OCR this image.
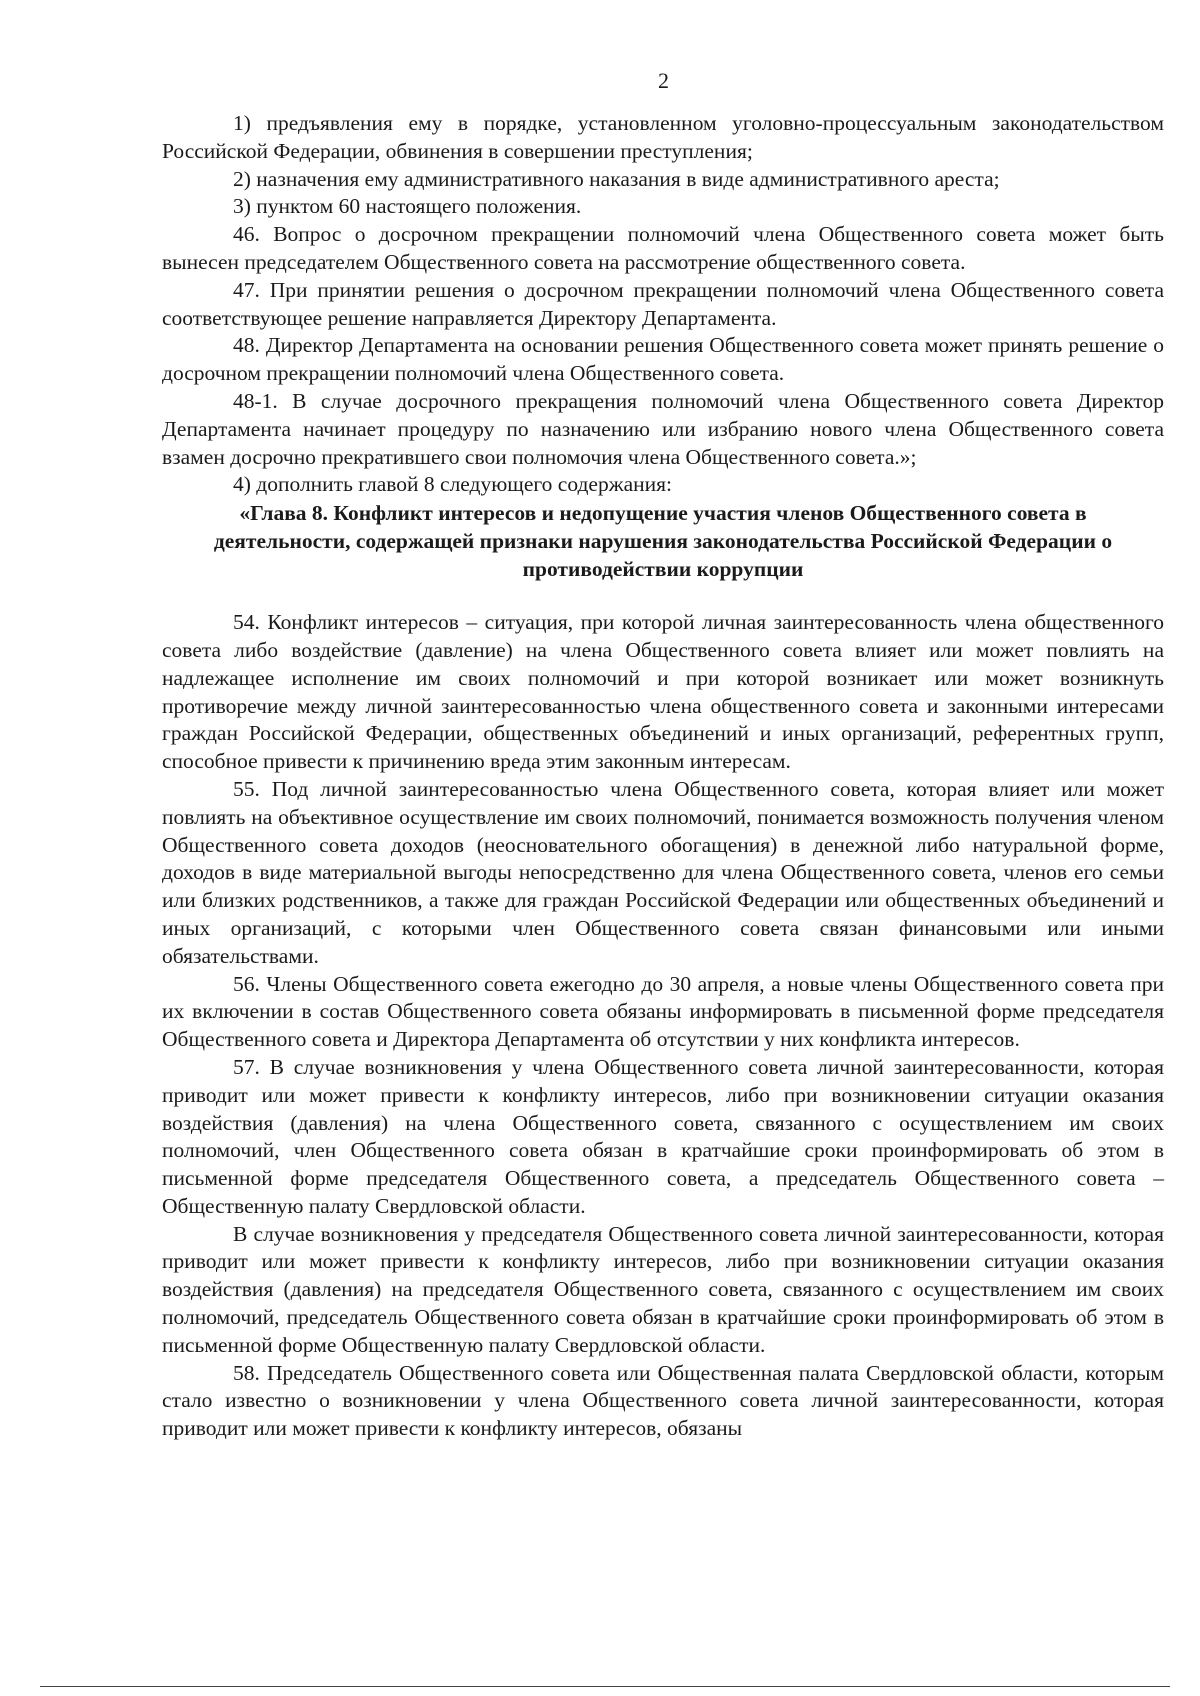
2

1) предъявления ему в порядке, установленном уголовно-процессуальным законодательством Российской Федерации, обвинения в совершении преступления;

2) назначения ему административного наказания в виде административного ареста;

3) пунктом 60 настоящего положения.

46. Вопрос о досрочном прекращении полномочий члена Общественного совета может быть вынесен председателем Общественного совета на рассмотрение общественного совета.

47. При принятии решения о досрочном прекращении полномочий члена Общественного совета соответствующее решение направляется Директору Департамента.

48. Директор Департамента на основании решения Общественного совета может принять решение о досрочном прекращении полномочий члена Общественного совета.

48-1. В случае досрочного прекращения полномочий члена Общественного совета Директор Департамента начинает процедуру по назначению или избранию нового члена Общественного совета взамен досрочно прекратившего свои полномочия члена Общественного совета.»;

4) дополнить главой 8 следующего содержания:

«Глава 8. Конфликт интересов и недопущение участия членов Общественного совета в деятельности, содержащей признаки нарушения законодательства Российской Федерации о противодействии коррупции

54. Конфликт интересов – ситуация, при которой личная заинтересованность члена общественного совета либо воздействие (давление) на члена Общественного совета влияет или может повлиять на надлежащее исполнение им своих полномочий и при которой возникает или может возникнуть противоречие между личной заинтересованностью члена общественного совета и законными интересами граждан Российской Федерации, общественных объединений и иных организаций, референтных групп, способное привести к причинению вреда этим законным интересам.

55. Под личной заинтересованностью члена Общественного совета, которая влияет или может повлиять на объективное осуществление им своих полномочий, понимается возможность получения членом Общественного совета доходов (неосновательного обогащения) в денежной либо натуральной форме, доходов в виде материальной выгоды непосредственно для члена Общественного совета, членов его семьи или близких родственников, а также для граждан Российской Федерации или общественных объединений и иных организаций, с которыми член Общественного совета связан финансовыми или иными обязательствами.

56. Члены Общественного совета ежегодно до 30 апреля, а новые члены Общественного совета при их включении в состав Общественного совета обязаны информировать в письменной форме председателя Общественного совета и Директора Департамента об отсутствии у них конфликта интересов.

57. В случае возникновения у члена Общественного совета личной заинтересованности, которая приводит или может привести к конфликту интересов, либо при возникновении ситуации оказания воздействия (давления) на члена Общественного совета, связанного с осуществлением им своих полномочий, член Общественного совета обязан в кратчайшие сроки проинформировать об этом в письменной форме председателя Общественного совета, а председатель Общественного совета – Общественную палату Свердловской области.

В случае возникновения у председателя Общественного совета личной заинтересованности, которая приводит или может привести к конфликту интересов, либо при возникновении ситуации оказания воздействия (давления) на председателя Общественного совета, связанного с осуществлением им своих полномочий, председатель Общественного совета обязан в кратчайшие сроки проинформировать об этом в письменной форме Общественную палату Свердловской области.

58. Председатель Общественного совета или Общественная палата Свердловской области, которым стало известно о возникновении у члена Общественного совета личной заинтересованности, которая приводит или может привести к конфликту интересов, обязаны
